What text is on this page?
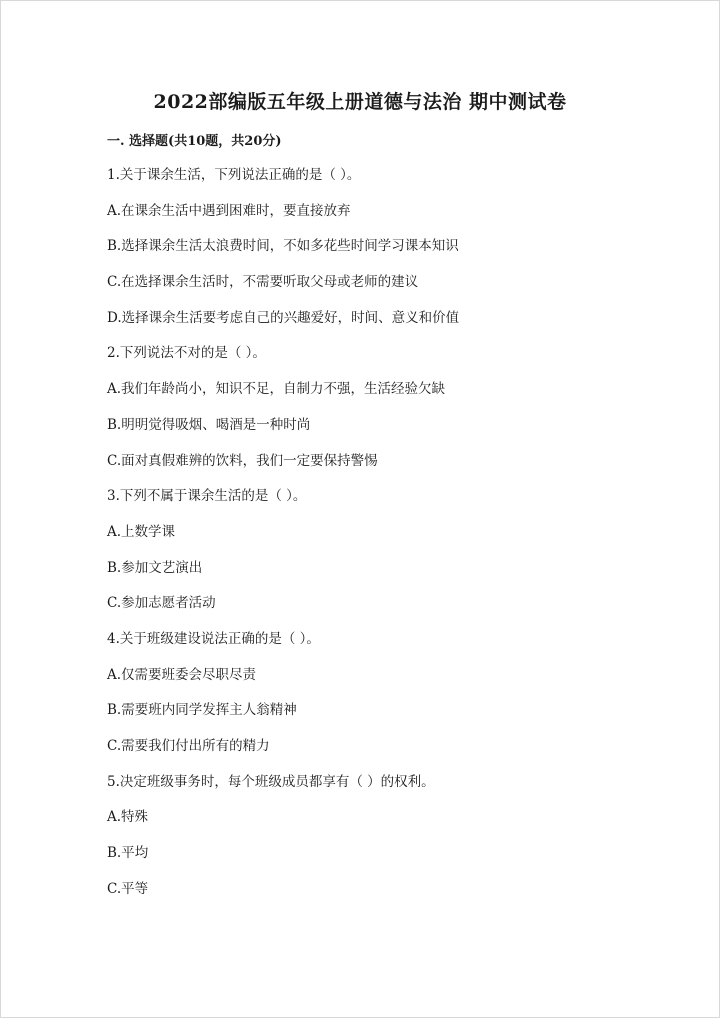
2022部编版五年级上册道德与法治 期中测试卷
一. 选择题(共10题，共20分)
1.关于课余生活，下列说法正确的是（ ）。
A.在课余生活中遇到困难时，要直接放弃
B.选择课余生活太浪费时间，不如多花些时间学习课本知识
C.在选择课余生活时，不需要听取父母或老师的建议
D.选择课余生活要考虑自己的兴趣爱好，时间、意义和价值
2.下列说法不对的是（ ）。
A.我们年龄尚小，知识不足，自制力不强，生活经验欠缺
B.明明觉得吸烟、喝酒是一种时尚
C.面对真假难辨的饮料，我们一定要保持警惕
3.下列不属于课余生活的是（ ）。
A.上数学课
B.参加文艺演出
C.参加志愿者活动
4.关于班级建设说法正确的是（ ）。
A.仅需要班委会尽职尽责
B.需要班内同学发挥主人翁精神
C.需要我们付出所有的精力
5.决定班级事务时，每个班级成员都享有（ ）的权利。
A.特殊
B.平均
C.平等
